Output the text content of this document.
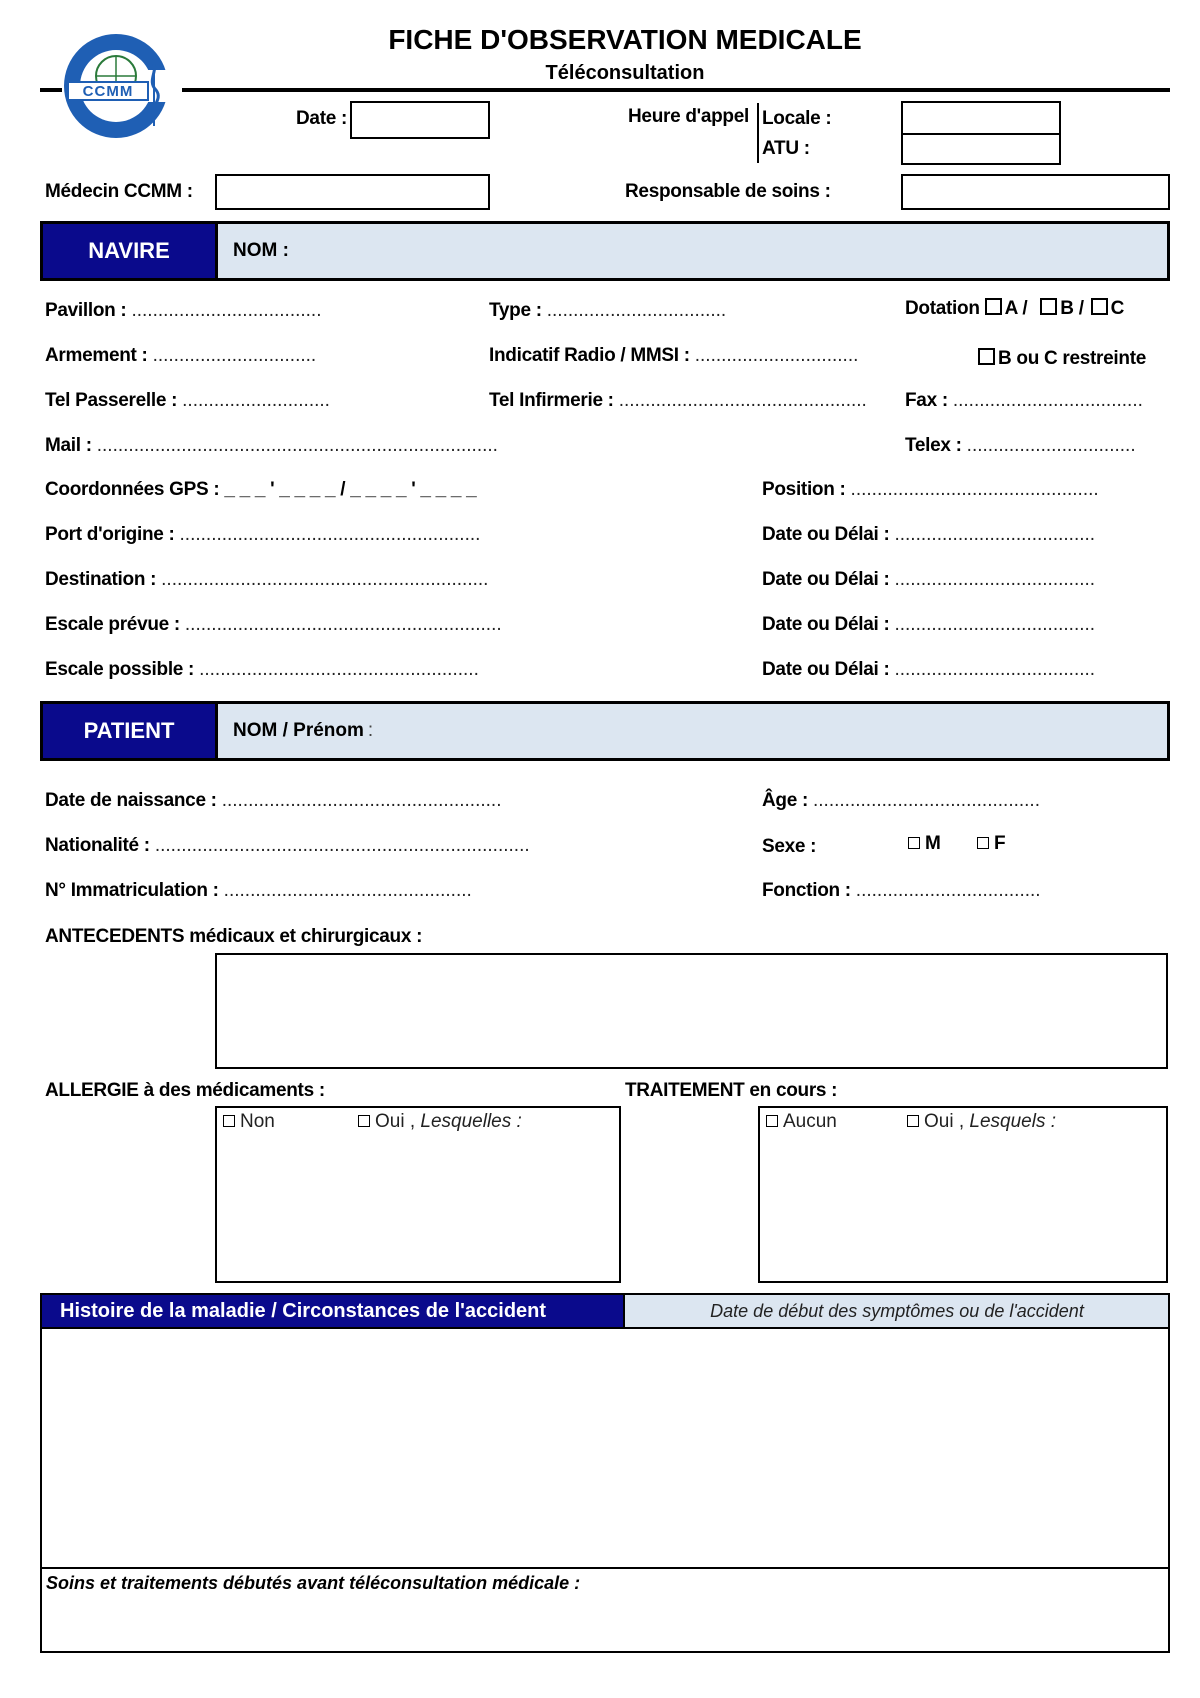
CCMM
FICHE D'OBSERVATION MEDICALE
Téléconsultation
Date :	Heure d'appel Locale :
ATU :
Médecin CCMM :	Responsable de soins :
NAVIRE	NOM :
Pavillon : ....................................	Type : ..................................	Dotation A / B / C
Armement : ...............................	Indicatif Radio / MMSI : ...............................	B ou C restreinte
Tel Passerelle : ............................	Tel Infirmerie : ............................................... Fax : ....................................
Mail : ............................................................................	Telex : ................................
Coordonnées GPS : _ _ _ ' _ _ _ _ / _ _ _ _ ' _ _ _ _	Position : ...............................................
Port d'origine : .........................................................	Date ou Délai : ......................................
Destination : ..............................................................	Date ou Délai : ......................................
Escale prévue : ............................................................	Date ou Délai : ......................................
Escale possible : .....................................................	Date ou Délai : ......................................
PATIENT	NOM / Prénom :
Date de naissance : .....................................................	Âge : ...........................................
Nationalité : .......................................................................	Sexe :	M	F
N° Immatriculation : ...............................................	Fonction : ...................................
ANTECEDENTS médicaux et chirurgicaux :
ALLERGIE à des médicaments :
Non	Oui , Lesquelles :
TRAITEMENT en cours :
Aucun	Oui , Lesquels :
Histoire de la maladie / Circonstances de l'accident	Date de début des symptômes ou de l'accident
Soins et traitements débutés avant téléconsultation médicale :
